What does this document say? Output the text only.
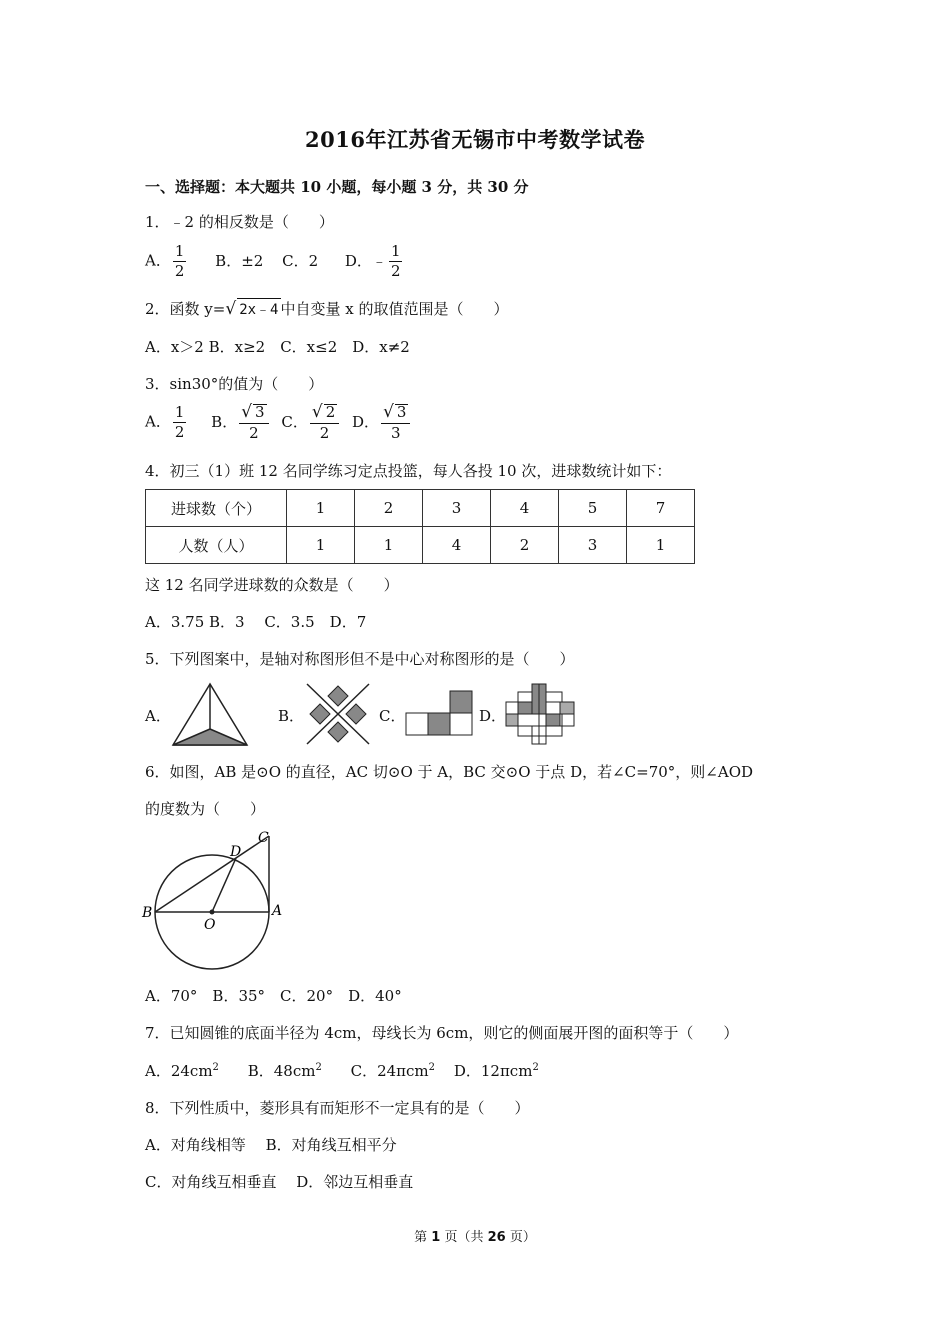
2016年江苏省无锡市中考数学试卷
一、选择题：本大题共 10 小题，每小题 3 分，共 30 分
1．﹣2 的相反数是（　　）
A． $\frac{1}{2}$ B．±2 C．2 D．﹣ $\frac{1}{2}$
2．函数 y=√ 2x﹣4 中自变量 x 的取值范围是（　　）
A．x＞2 B．x≥2　C．x≤2　D．x≠2
3．sin30°的值为（　　）
A． $\frac{1}{2}$ B． $\frac{√ 3}{2}$ C． $\frac{√ 2}{2}$ D． $\frac{√ 3}{3}$
4．初三（1）班 12 名同学练习定点投篮，每人各投 10 次，进球数统计如下：
进球数（个）	1	2	3	4	5	7
人数（人）	1	1	4	2	3	1
这 12 名同学进球数的众数是（　　）
A．3.75 B．3　 C．3.5　D．7
5．下列图案中，是轴对称图形但不是中心对称图形的是（　　）
A．	B．	C．	D．
6．如图，AB 是⊙O 的直径，AC 切⊙O 于 A，BC 交⊙O 于点 D，若∠C=70°，则∠AOD
的度数为（　　）
C
D
B	A
O
A．70°　B．35°　C．20°　D．40°
7．已知圆锥的底面半径为 4cm，母线长为 6cm，则它的侧面展开图的面积等于（　　）
A．$24cm^2$ B．$48cm^2$ C．24πcm$^2$ D．12πcm$^2$
8．下列性质中，菱形具有而矩形不一定具有的是（　　）
A．对角线相等　 B．对角线互相平分
C．对角线互相垂直　 D．邻边互相垂直
第 1 页（共 26 页）
